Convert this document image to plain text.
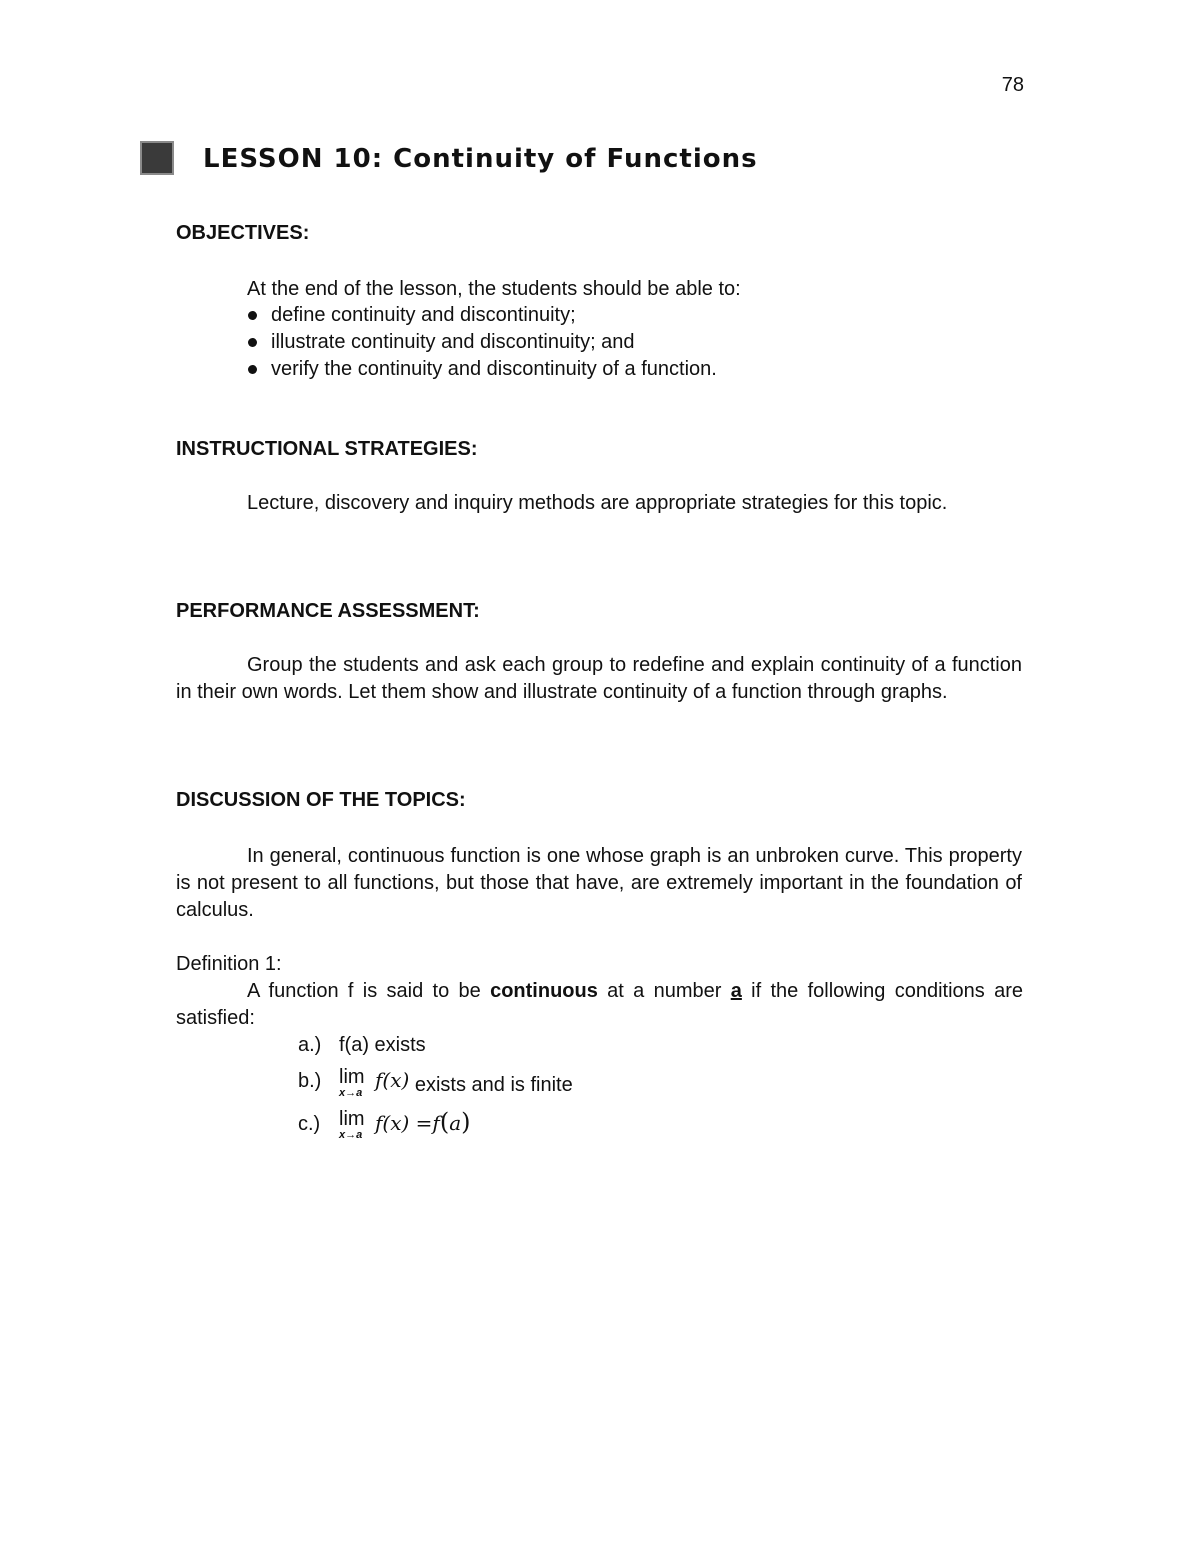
78
LESSON 10: Continuity of Functions
OBJECTIVES:
At the end of the lesson, the students should be able to:
define continuity and discontinuity;
illustrate continuity and discontinuity; and
verify the continuity and discontinuity of a function.
INSTRUCTIONAL STRATEGIES:
Lecture, discovery and inquiry methods are appropriate strategies for this topic.
PERFORMANCE ASSESSMENT:
Group the students and ask each group to redefine and explain continuity of a function in their own words. Let them show and illustrate continuity of a function through graphs.
DISCUSSION OF THE TOPICS:
In general, continuous function is one whose graph is an unbroken curve. This property is not present to all functions, but those that have, are extremely important in the foundation of calculus.
Definition 1:
A function f is said to be continuous at a number a if the following conditions are satisfied:
a.) f(a) exists
b.) lim
x→a
f(x) exists and is finite
c.) lim
x→a f(x) =f(a)
